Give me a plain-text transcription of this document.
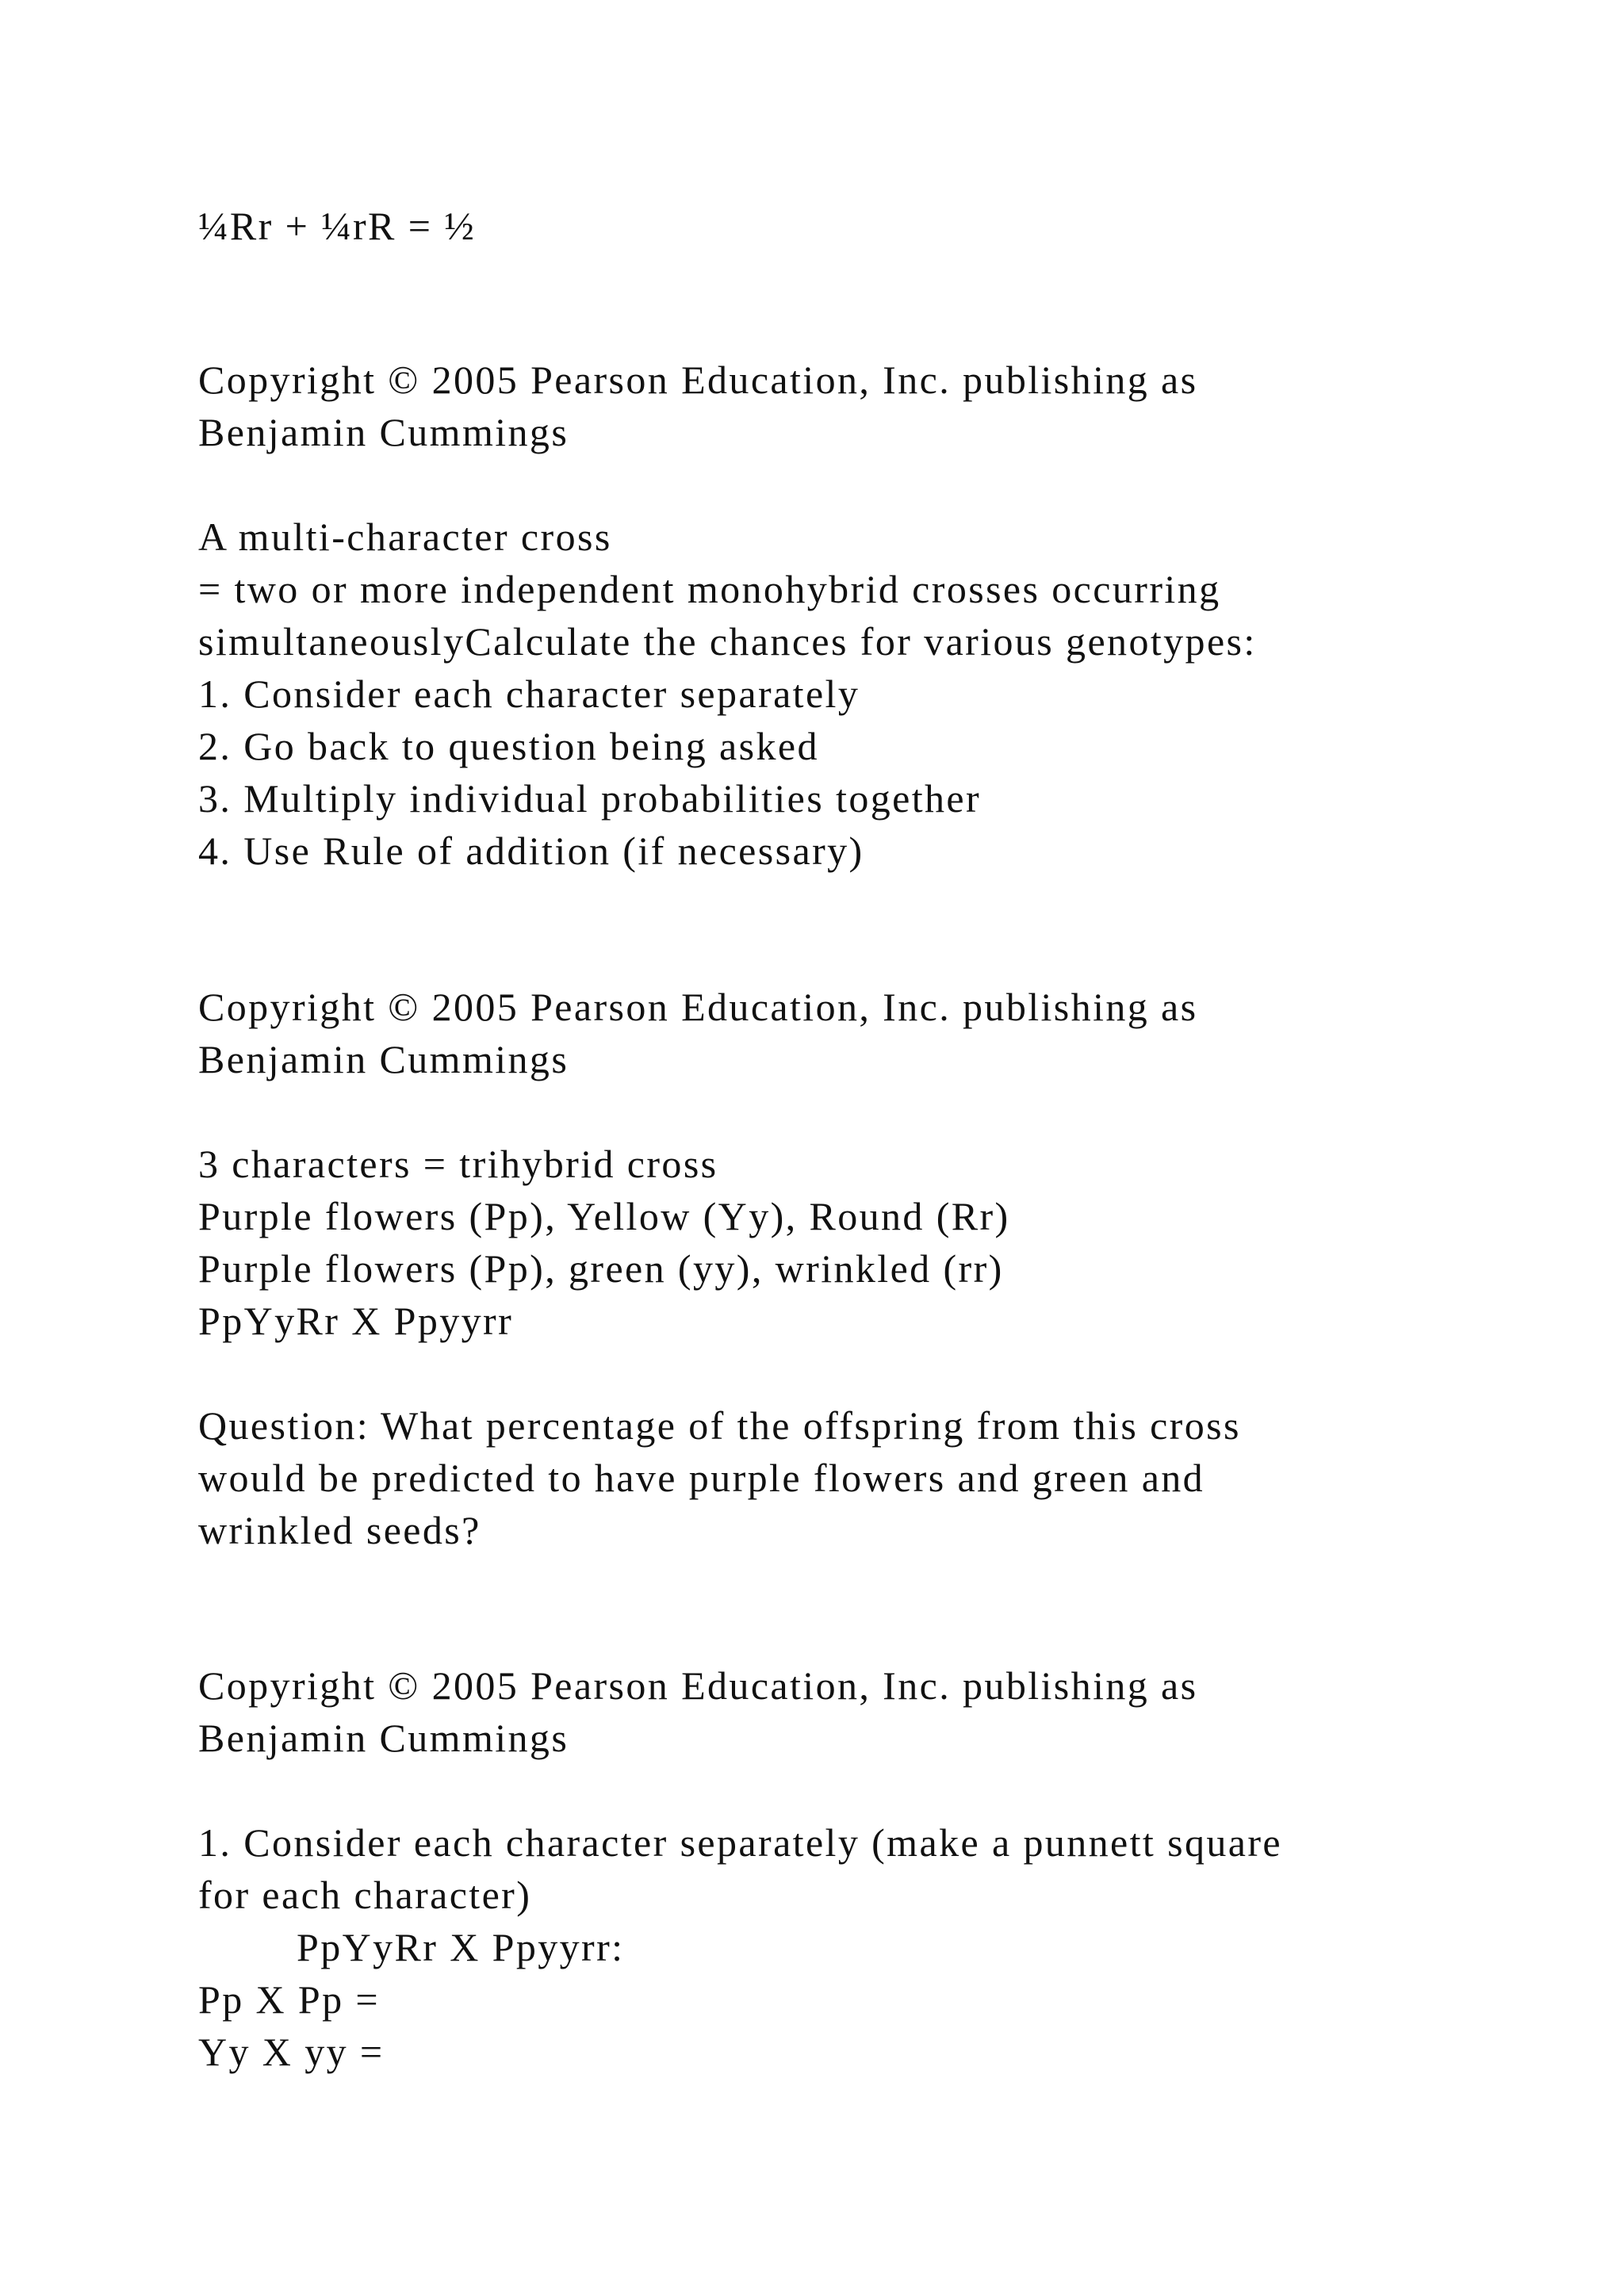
¼Rr + ¼rR = ½
Copyright © 2005 Pearson Education, Inc. publishing as
Benjamin Cummings
A multi-character cross
= two or more independent monohybrid crosses occurring
simultaneouslyCalculate the chances for various genotypes:
1. Consider each character separately
2. Go back to question being asked
3. Multiply individual probabilities together
4. Use Rule of addition (if necessary)
Copyright © 2005 Pearson Education, Inc. publishing as
Benjamin Cummings
3 characters = trihybrid cross
Purple flowers (Pp), Yellow (Yy), Round (Rr)
Purple flowers (Pp), green (yy), wrinkled (rr)
PpYyRr X Ppyyrr
Question: What percentage of the offspring from this cross
would be predicted to have purple flowers and green and
wrinkled seeds?
Copyright © 2005 Pearson Education, Inc. publishing as
Benjamin Cummings
1. Consider each character separately (make a punnett square
for each character)
PpYyRr X Ppyyrr:
Pp X Pp =
Yy X yy =
